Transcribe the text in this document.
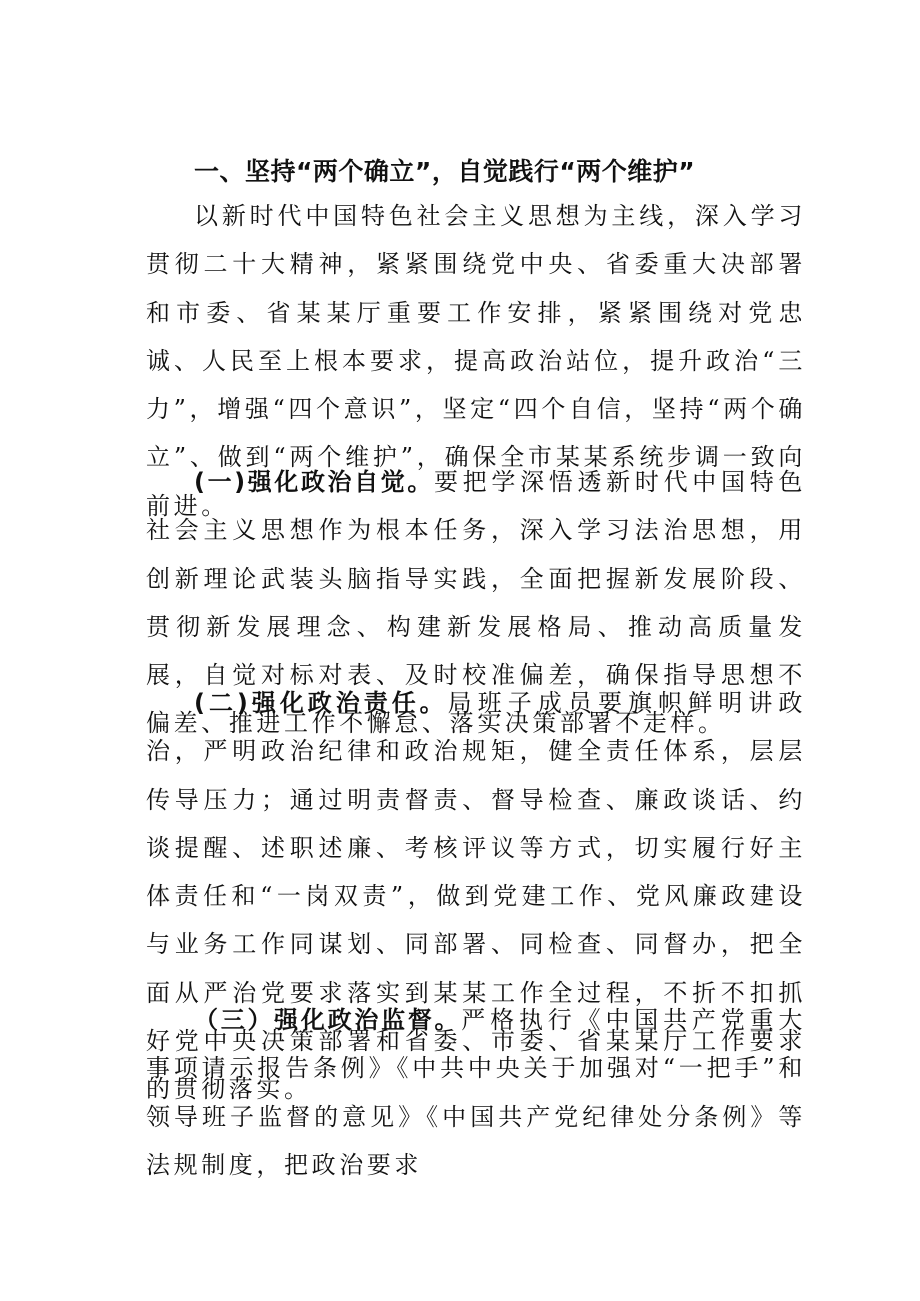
一、坚持“两个确立”，自觉践行“两个维护”

以新时代中国特色社会主义思想为主线，深入学习贯彻二十大精神，紧紧围绕党中央、省委重大决部署和市委、省某某厅重要工作安排，紧紧围绕对党忠诚、人民至上根本要求，提高政治站位，提升政治“三力”，增强“四个意识”，坚定“四个自信，坚持“两个确立”、做到“两个维护”，确保全市某某系统步调一致向前进。

(一)强化政治自觉。要把学深悟透新时代中国特色社会主义思想作为根本任务，深入学习法治思想，用创新理论武装头脑指导实践，全面把握新发展阶段、贯彻新发展理念、构建新发展格局、推动高质量发展，自觉对标对表、及时校准偏差，确保指导思想不偏差、推进工作不懈怠、落实决策部署不走样。

(二)强化政治责任。局班子成员要旗帜鲜明讲政治，严明政治纪律和政治规矩，健全责任体系，层层传导压力；通过明责督责、督导检查、廉政谈话、约谈提醒、述职述廉、考核评议等方式，切实履行好主体责任和“一岗双责”，做到党建工作、党风廉政建设与业务工作同谋划、同部署、同检查、同督办，把全面从严治党要求落实到某某工作全过程，不折不扣抓好党中央决策部署和省委、市委、省某某厅工作要求的贯彻落实。

（三）强化政治监督。严格执行《中国共产党重大事项请示报告条例》《中共中央关于加强对“一把手”和领导班子监督的意见》《中国共产党纪律处分条例》等法规制度，把政治要求
